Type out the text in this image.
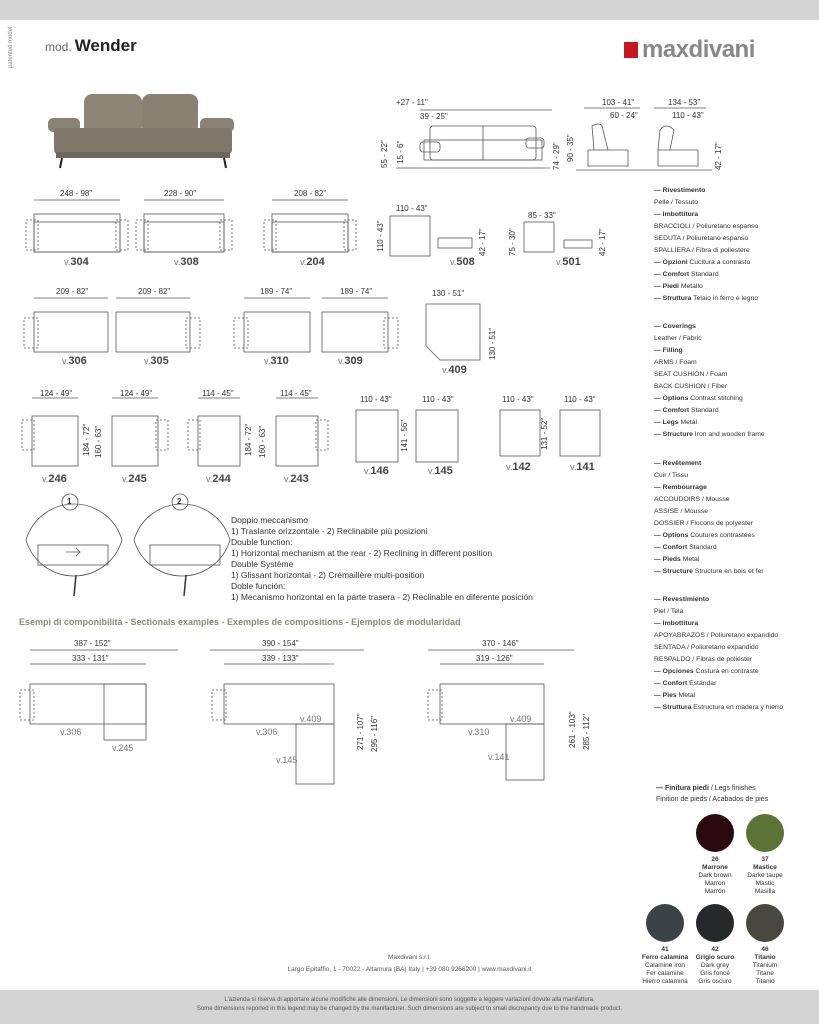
mod. Wender	maxdivani
patented model
+27 - 11"
39 - 25"
55 - 22" 15 - 6"	74 - 29" 90 - 35"
103 - 41"
60 - 24"
134 - 53"
110 - 43"
42 - 17"
248 - 98"
v.304
228 - 90"
v.308
208 - 82"
v.204
110 - 43"
110 - 43"	42 - 17"
v.508
85 - 33"
75 - 30"	42 - 17"
v.501
209 - 82"
v.306
209 - 82"
v.305
189 - 74"
v.310
189 - 74"
v.309
130 - 51"
130 - 51"
v.409
124 - 49"
184 - 72"
v.246
124 - 49"
160 - 63"
v.245
114 - 45"
184 - 72"
v.244
114 - 45"
160 - 63"
v.243
110 - 43"
141 - 56"
v.146
110 - 43"
v.145
110 - 43"
131 - 52"
v.142
110 - 43"
v.141
1	2
Doppio meccanismo
1) Traslante orizzontale - 2) Reclinabile più posizioni
Double function:
1) Horizontal mechanism at the rear - 2) Reclining in different position
Double Système
1) Glissant horizontal - 2) Crémaillère multi-position
Doble función:
1) Mecanismo horizontal en la parte trasera - 2) Reclinable en diferente posición
Esempi di componibilità - Sectionals examples - Exemples de compositions - Ejemplos de modularidad
387 - 152"
333 - 131"
v.306
v.245
390 - 154"
339 - 133"
v.306
v.409
v.145
271 - 107" 295 - 116"
370 - 146"
319 - 126"
v.310
v.409
v.141
261 - 103" 285 - 112"
— Rivestimento
Pelle / Tessuto
— Imbottitura
BRACCIOLI / Poliuretano espanso
SEDUTA / Poliuretano espanso
SPALLIERA / Fibra di poliestere
— Opzioni Cucitura a contrasto
— Comfort Standard
— Piedi Metallo
— Struttura Telaio in ferro e legno
— Coverings
Leather / Fabric
— Filling
ARMS / Foam
SEAT CUSHION / Foam
BACK CUSHION / Fiber
— Options Contrast stitching
— Comfort Standard
— Legs Metal
— Structure Iron and wooden frame
— Revêtement
Cuir / Tissu
— Rembourrage
ACCOUDOIRS / Mousse
ASSISE / Mousse
DOSSIER / Flocons de polyester
— Options Coutures contrastées
— Confort Standard
— Pieds Metal
— Structure Structure en bois et fer
— Revestimiento
Piel / Tela
— Imbottitura
APOYABRAZOS / Poliuretano expandido
SENTADA / Poliuretano expandido
RESPALDO / Fibras de poliéster
— Opciones Costura en contraste
— Confort Estándar
— Pies Metal
— Struttura Estructura en madera y hierro
— Finitura piedi / Legs finishes
Finition de pieds / Acabados de pies
26
Marrone
Dark brown
Marron
Marrón
37
Mastice
Darke taupe
Mastic
Masilla
41
Ferro calamina
Calamine iron
Fer calamine
Hierro calamina
42
Grigio scuro
Dark grey
Gris foncé
Gris oscuro
46
Titanio
Titanium
Titane
Titanio
Maxdivani s.r.l.
Largo Epitaffio, 1 - 70022 - Altamura (BA) Italy | +39 080 9266200 | www.maxdivani.it
L'azienda si riserva di apportare alcune modifiche alle dimensioni. Le dimensioni sono soggette a leggere variazioni dovute alla manifattura.
Some dimensions reported in this legend may be changed by the manifacturer. Such dimensions are subject to small discrepancy due to the handmade product.
